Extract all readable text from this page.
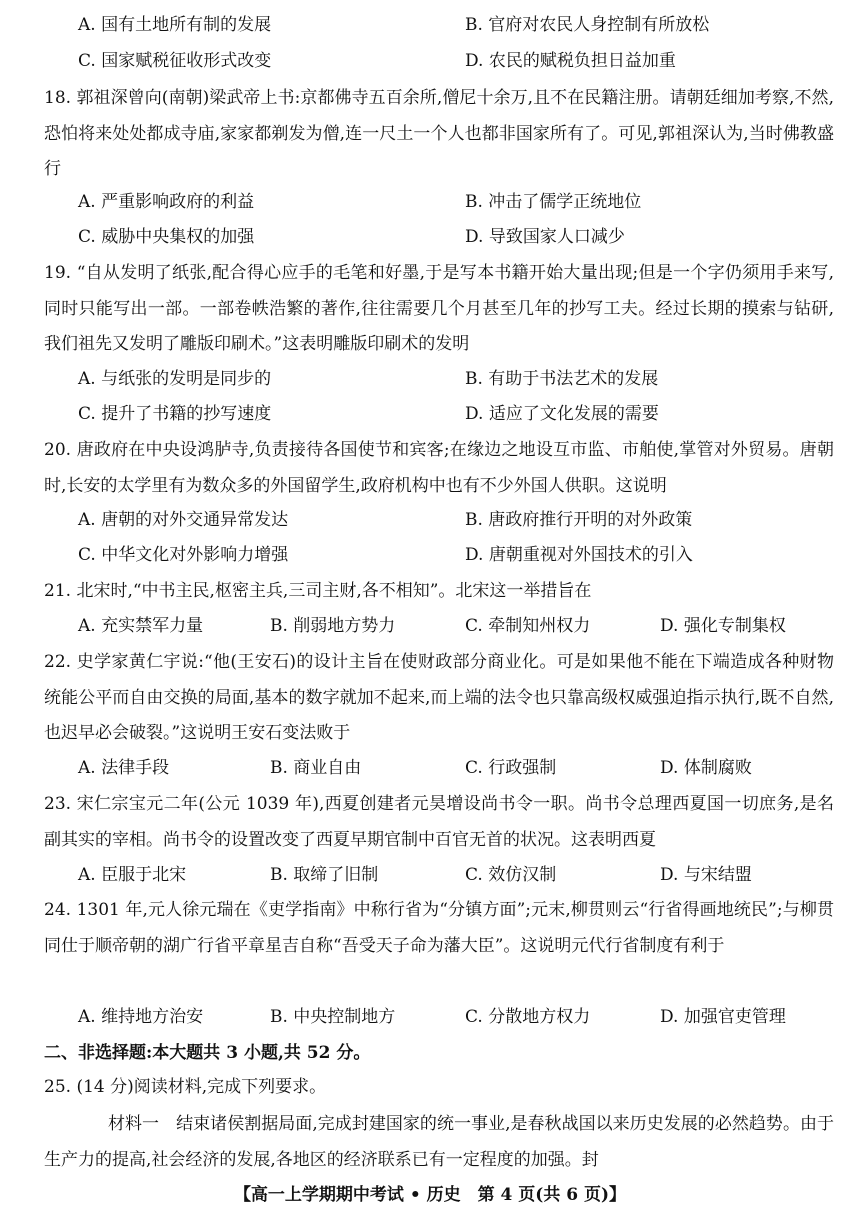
A. 国有土地所有制的发展	B. 官府对农民人身控制有所放松
C. 国家赋税征收形式改变	D. 农民的赋税负担日益加重
18. 郭祖深曾向(南朝)梁武帝上书:京都佛寺五百余所,僧尼十余万,且不在民籍注册。请朝廷细加考察,不然,恐怕将来处处都成寺庙,家家都剃发为僧,连一尺土一个人也都非国家所有了。可见,郭祖深认为,当时佛教盛行
A. 严重影响政府的利益	B. 冲击了儒学正统地位
C. 威胁中央集权的加强	D. 导致国家人口减少
19. “自从发明了纸张,配合得心应手的毛笔和好墨,于是写本书籍开始大量出现;但是一个字仍须用手来写,同时只能写出一部。一部卷帙浩繁的著作,往往需要几个月甚至几年的抄写工夫。经过长期的摸索与钻研,我们祖先又发明了雕版印刷术。”这表明雕版印刷术的发明
A. 与纸张的发明是同步的	B. 有助于书法艺术的发展
C. 提升了书籍的抄写速度	D. 适应了文化发展的需要
20. 唐政府在中央设鸿胪寺,负责接待各国使节和宾客;在缘边之地设互市监、市舶使,掌管对外贸易。唐朝时,长安的太学里有为数众多的外国留学生,政府机构中也有不少外国人供职。这说明
A. 唐朝的对外交通异常发达	B. 唐政府推行开明的对外政策
C. 中华文化对外影响力增强	D. 唐朝重视对外国技术的引入
21. 北宋时,“中书主民,枢密主兵,三司主财,各不相知”。北宋这一举措旨在
A. 充实禁军力量	B. 削弱地方势力	C. 牵制知州权力	D. 强化专制集权
22. 史学家黄仁宇说:“他(王安石)的设计主旨在使财政部分商业化。可是如果他不能在下端造成各种财物统能公平而自由交换的局面,基本的数字就加不起来,而上端的法令也只靠高级权威强迫指示执行,既不自然,也迟早必会破裂。”这说明王安石变法败于
A. 法律手段	B. 商业自由	C. 行政强制	D. 体制腐败
23. 宋仁宗宝元二年(公元 1039 年),西夏创建者元昊增设尚书令一职。尚书令总理西夏国一切庶务,是名副其实的宰相。尚书令的设置改变了西夏早期官制中百官无首的状况。这表明西夏
A. 臣服于北宋	B. 取缔了旧制	C. 效仿汉制	D. 与宋结盟
24. 1301 年,元人徐元瑞在《吏学指南》中称行省为“分镇方面”;元末,柳贯则云“行省得画地统民”;与柳贯同仕于顺帝朝的湖广行省平章星吉自称“吾受天子命为藩大臣”。这说明元代行省制度有利于
A. 维持地方治安	B. 中央控制地方	C. 分散地方权力	D. 加强官吏管理
二、非选择题:本大题共 3 小题,共 52 分。
25. (14 分)阅读材料,完成下列要求。
材料一　结束诸侯割据局面,完成封建国家的统一事业,是春秋战国以来历史发展的必然趋势。由于生产力的提高,社会经济的发展,各地区的经济联系已有一定程度的加强。封
【高一上学期期中考试 • 历史　第 4 页(共 6 页)】
